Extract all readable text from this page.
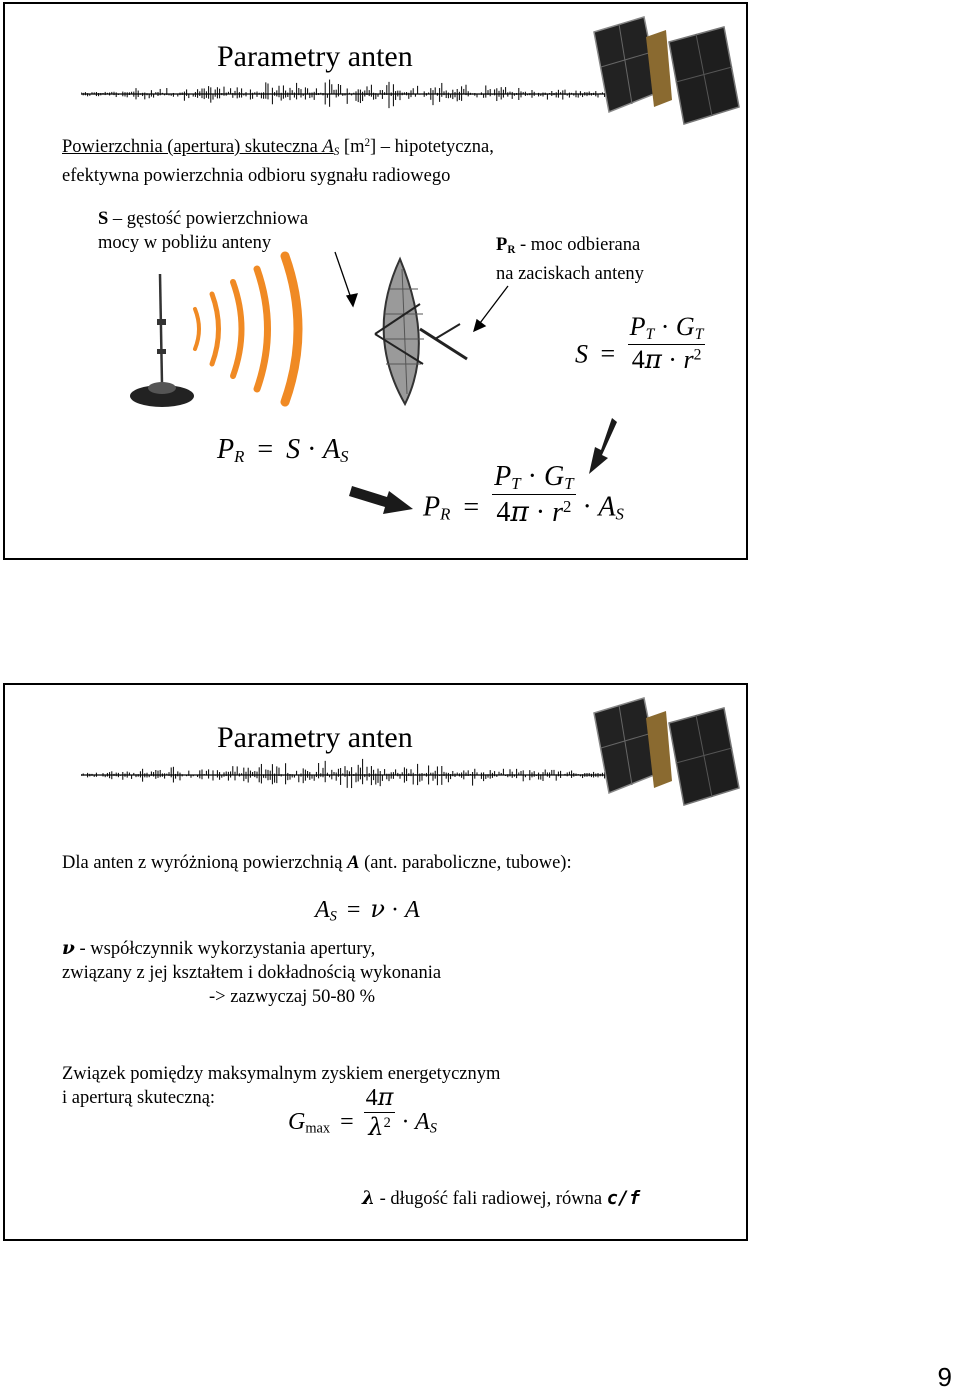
Parametry anten
Powierzchnia (apertura) skuteczna $A_S$ $[m^2]$ – hipotetyczna,
efektywna powierzchnia odbioru sygnału radiowego
S – gęstość powierzchniowa
mocy w pobliżu anteny	$P_R$ - moc odbierana
na zaciskach anteny
$S = \frac{P_T \cdot G_T}{4\pi \cdot r^2}$
$P_R = S \cdot A_S$
$P_R = \frac{P_T \cdot G_T}{4\pi \cdot r^2} \cdot A_S$
Parametry anten
Dla anten z wyróżnioną powierzchnią A (ant. paraboliczne, tubowe):
$A_S = \nu \cdot A$
ν - współczynnik wykorzystania apertury,
związany z jej kształtem i dokładnością wykonania
-> zazwyczaj 50-80 %
Związek pomiędzy maksymalnym zyskiem energetycznym
i aperturą skuteczną:
$G_{max} = \frac{4\pi}{\lambda^2} \cdot A_S$
λ - długość fali radiowej, równa c/f
9
